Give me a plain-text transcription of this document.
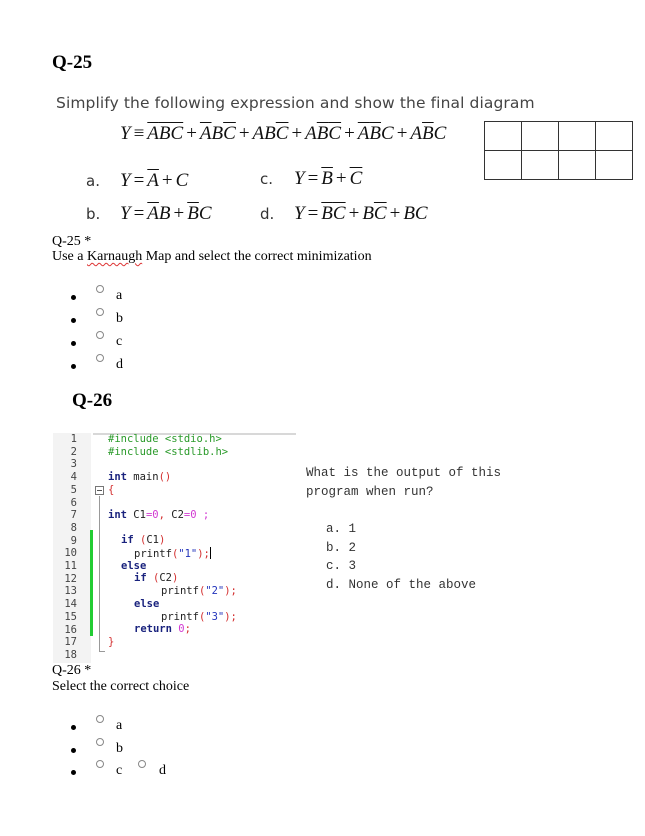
Q-25
Simplify the following expression and show the final diagram
$Y \equiv \overline{A}\overline{B}\overline{C} + \overline{A}B\overline{C} + AB\overline{C} + A\overline{B}\overline{C} + \overline{A}\overline{B}C + A\overline{B}C$

a. $Y = \overline{A} + C$	c. $Y = \overline{B} + \overline{C}$
b. $Y = \overline{A}B + \overline{B}C$	d. $Y = \overline{B}\overline{C} + B\overline{C}$ + BC
Q-25 *
Use a Karnaugh Map and select the correct minimization
a
b
c
d
Q-26
1
2
3
4
5
6
7
8
9
10
11
12
13
14
15
16
17
18
#include <stdio.h>
#include <stdlib.h>
int main()
{
int C1=0, C2=0 ;
if (C1)
printf("1");
else
if (C2)
printf("2");
else
printf("3");
return 0;
}
What is the output of this
program when run?
a. 1
b. 2
c. 3
d. None of the above
Q-26 *
Select the correct choice
a
b
c	d
